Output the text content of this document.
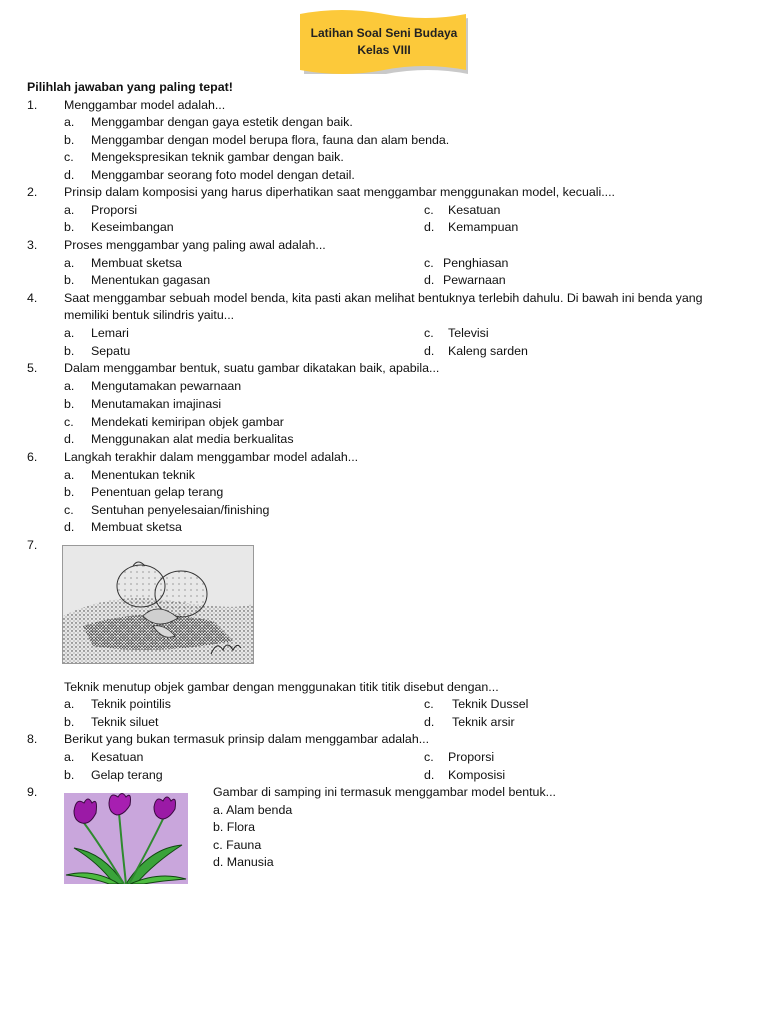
Latihan Soal Seni Budaya
Kelas VIII
Pilihlah jawaban yang paling tepat!
1. Menggambar model adalah...
a. Menggambar dengan gaya estetik dengan baik.
b. Menggambar dengan model berupa flora, fauna dan alam benda.
c. Mengekspresikan teknik gambar dengan baik.
d. Menggambar seorang foto model dengan detail.
2. Prinsip dalam komposisi yang harus diperhatikan saat menggambar menggunakan model, kecuali....
a. Proporsi	c. Kesatuan
b. Keseimbangan	d. Kemampuan
3. Proses menggambar yang paling awal adalah...
a. Membuat sketsa	c. Penghiasan
b. Menentukan gagasan	d. Pewarnaan
4. Saat menggambar sebuah model benda, kita pasti akan melihat bentuknya terlebih dahulu. Di bawah ini benda yang
memiliki bentuk silindris yaitu...
a. Lemari	c. Televisi
b. Sepatu	d. Kaleng sarden
5. Dalam menggambar bentuk, suatu gambar dikatakan baik, apabila...
a. Mengutamakan pewarnaan
b. Menutamakan imajinasi
c. Mendekati kemiripan objek gambar
d. Menggunakan alat media berkualitas
6. Langkah terakhir dalam menggambar model adalah...
a. Menentukan teknik
b. Penentuan gelap terang
c. Sentuhan penyelesaian/finishing
d. Membuat sketsa
7.
Teknik menutup objek gambar dengan menggunakan titik titik disebut dengan...
a. Teknik pointilis	c. Teknik Dussel
b. Teknik siluet	d. Teknik arsir
8. Berikut yang bukan termasuk prinsip dalam menggambar adalah...
a. Kesatuan	c. Proporsi
b. Gelap terang	d. Komposisi
9.	Gambar di samping ini termasuk menggambar model bentuk...
a. Alam benda
b. Flora
c. Fauna
d. Manusia
